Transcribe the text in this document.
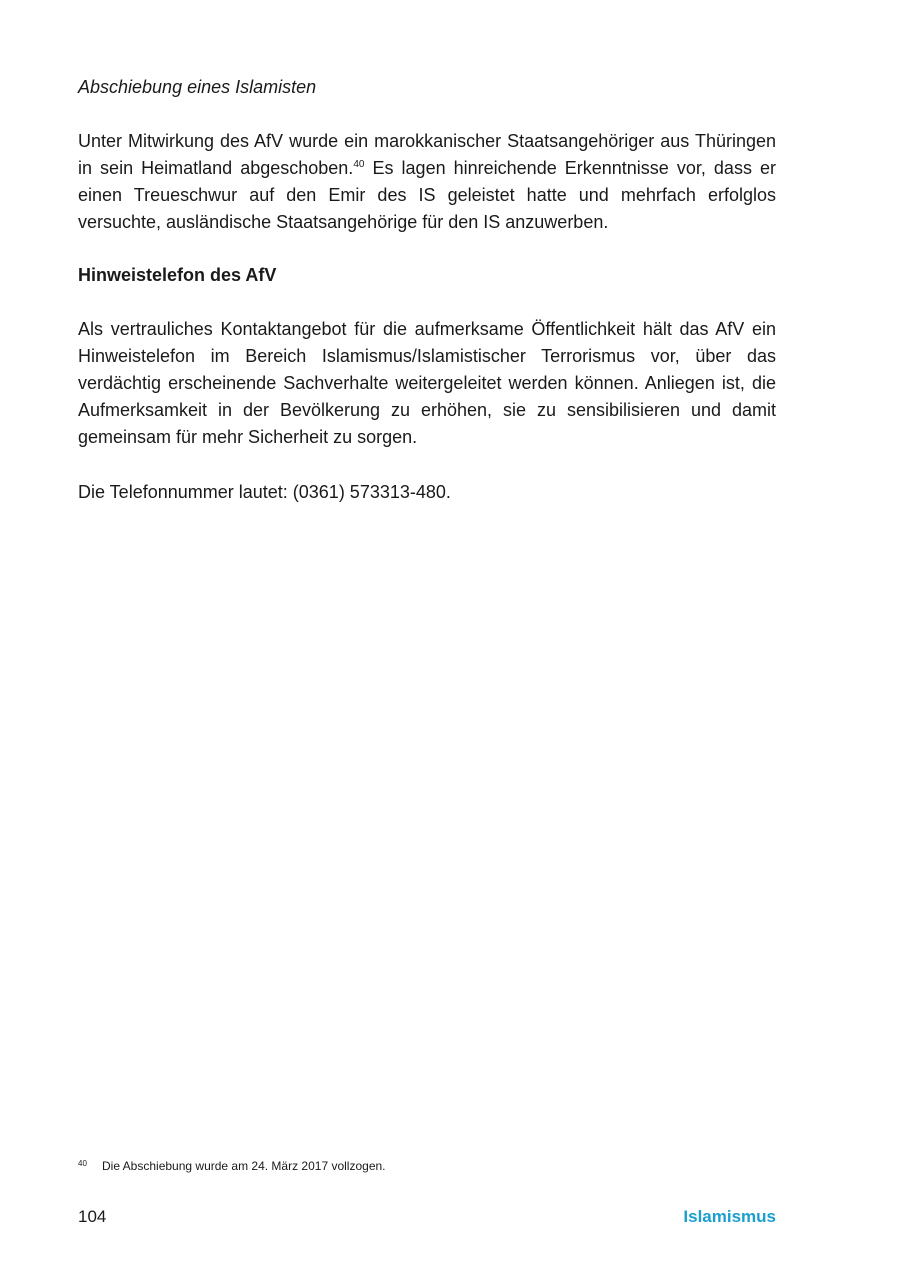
Abschiebung eines Islamisten

Unter Mitwirkung des AfV wurde ein marokkanischer Staatsangehöriger aus Thüringen in sein Heimatland abgeschoben.$^{40}$ Es lagen hinreichende Erkenntnisse vor, dass er einen Treueschwur auf den Emir des IS geleistet hatte und mehrfach erfolglos versuchte, ausländische Staatsangehörige für den IS anzuwerben.

Hinweistelefon des AfV

Als vertrauliches Kontaktangebot für die aufmerksame Öffentlichkeit hält das AfV ein Hinweistelefon im Bereich Islamismus/Islamistischer Terrorismus vor, über das verdächtig erscheinende Sachverhalte weitergeleitet werden können. Anliegen ist, die Aufmerksamkeit in der Bevölkerung zu erhöhen, sie zu sensibilisieren und damit gemeinsam für mehr Sicherheit zu sorgen.

Die Telefonnummer lautet: (0361) 573313-480.

40 Die Abschiebung wurde am 24. März 2017 vollzogen.
104	Islamismus
